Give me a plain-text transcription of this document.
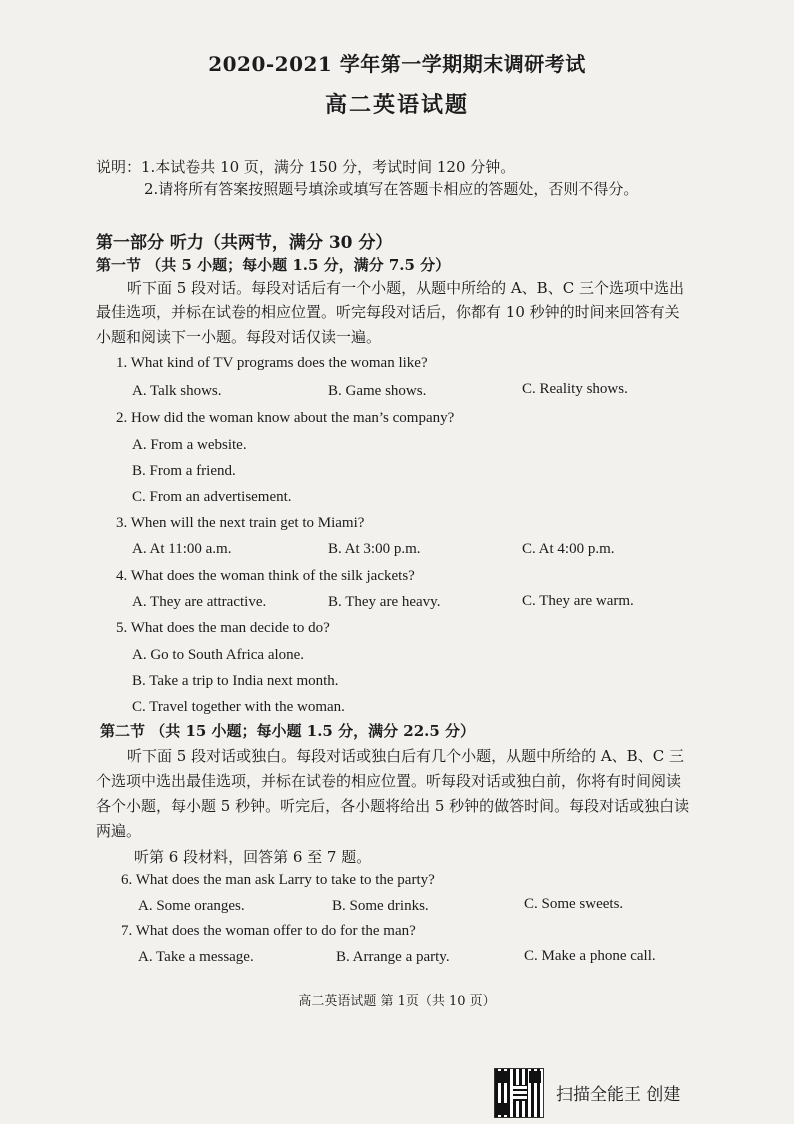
2020-2021 学年第一学期期末调研考试
高二英语试题
说明：1.本试卷共 10 页，满分 150 分，考试时间 120 分钟。
2.请将所有答案按照题号填涂或填写在答题卡相应的答题处，否则不得分。
第一部分 听力（共两节，满分 30 分）
第一节 （共 5 小题；每小题 1.5 分，满分 7.5 分）
听下面 5 段对话。每段对话后有一个小题，从题中所给的 A、B、C 三个选项中选出
最佳选项，并标在试卷的相应位置。听完每段对话后，你都有 10 秒钟的时间来回答有关
小题和阅读下一小题。每段对话仅读一遍。
1. What kind of TV programs does the woman like?
A. Talk shows.	B. Game shows.	C. Reality shows.
2. How did the woman know about the man’s company?
A. From a website.
B. From a friend.
C. From an advertisement.
3. When will the next train get to Miami?
A. At 11:00 a.m.	B. At 3:00 p.m.	C. At 4:00 p.m.
4. What does the woman think of the silk jackets?
A. They are attractive.	B. They are heavy.	C. They are warm.
5. What does the man decide to do?
A. Go to South Africa alone.
B. Take a trip to India next month.
C. Travel together with the woman.
第二节 （共 15 小题；每小题 1.5 分，满分 22.5 分）
听下面 5 段对话或独白。每段对话或独白后有几个小题，从题中所给的 A、B、C 三
个选项中选出最佳选项，并标在试卷的相应位置。听每段对话或独白前，你将有时间阅读
各个小题，每小题 5 秒钟。听完后，各小题将给出 5 秒钟的做答时间。每段对话或独白读
两遍。
听第 6 段材料，回答第 6 至 7 题。
6. What does the man ask Larry to take to the party?
A. Some oranges.	B. Some drinks.	C. Some sweets.
7. What does the woman offer to do for the man?
A. Take a message.	B. Arrange a party.	C. Make a phone call.
高二英语试题 第 1页（共 10 页）
扫描全能王 创建
